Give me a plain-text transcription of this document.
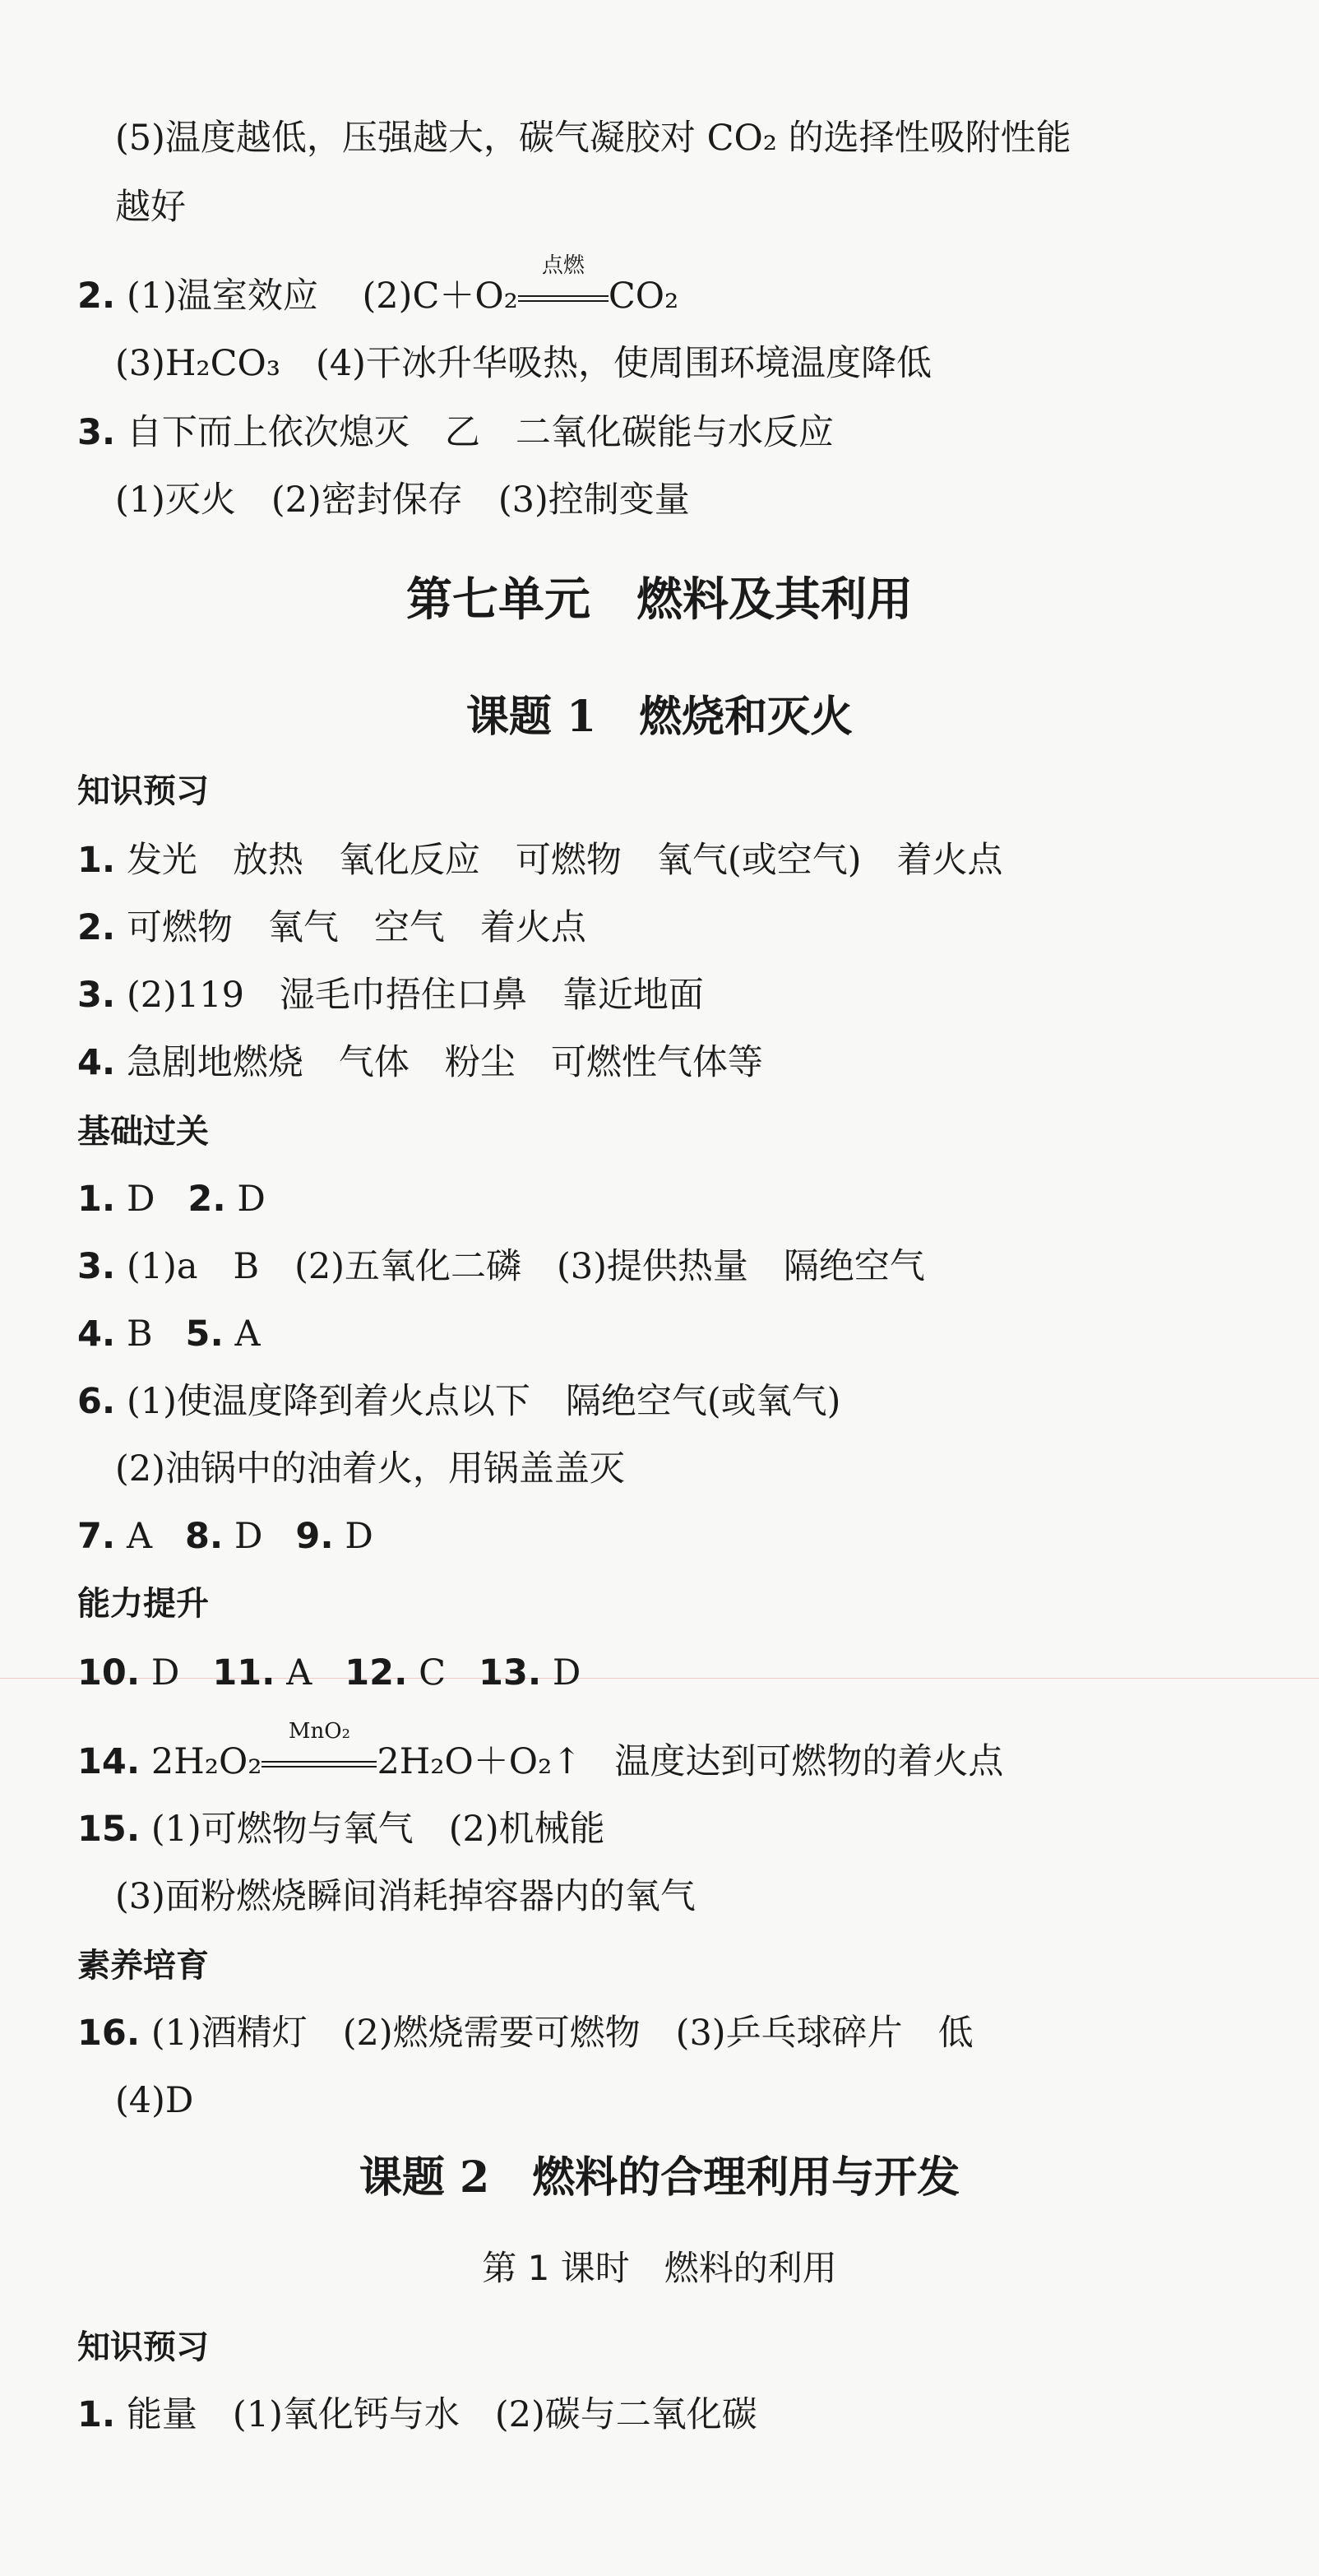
(5)温度越低，压强越大，碳气凝胶对 CO₂ 的选择性吸附性能
越好
2. (1)温室效应 (2)C＋O₂
点燃
CO₂
(3)H₂CO₃　(4)干冰升华吸热，使周围环境温度降低
3. 自下而上依次熄灭　乙　二氧化碳能与水反应
(1)灭火　(2)密封保存　(3)控制变量
第七单元　燃料及其利用
课题 1　燃烧和灭火
知识预习
1. 发光　放热　氧化反应　可燃物　氧气(或空气)　着火点
2. 可燃物　氧气　空气　着火点
3. (2)119　湿毛巾捂住口鼻　靠近地面
4. 急剧地燃烧　气体　粉尘　可燃性气体等
基础过关
1. D 2. D
3. (1)a　B　(2)五氧化二磷　(3)提供热量　隔绝空气
4. B 5. A
6. (1)使温度降到着火点以下　隔绝空气(或氧气)
(2)油锅中的油着火，用锅盖盖灭
7. A 8. D 9. D
能力提升
10. D 11. A 12. C 13. D
14. 2H₂O₂
MnO₂
2H₂O＋O₂↑ 温度达到可燃物的着火点
15. (1)可燃物与氧气　(2)机械能
(3)面粉燃烧瞬间消耗掉容器内的氧气
素养培育
16. (1)酒精灯　(2)燃烧需要可燃物　(3)乒乓球碎片　低
(4)D
课题 2　燃料的合理利用与开发
第 1 课时　燃料的利用
知识预习
1. 能量　(1)氧化钙与水　(2)碳与二氧化碳
